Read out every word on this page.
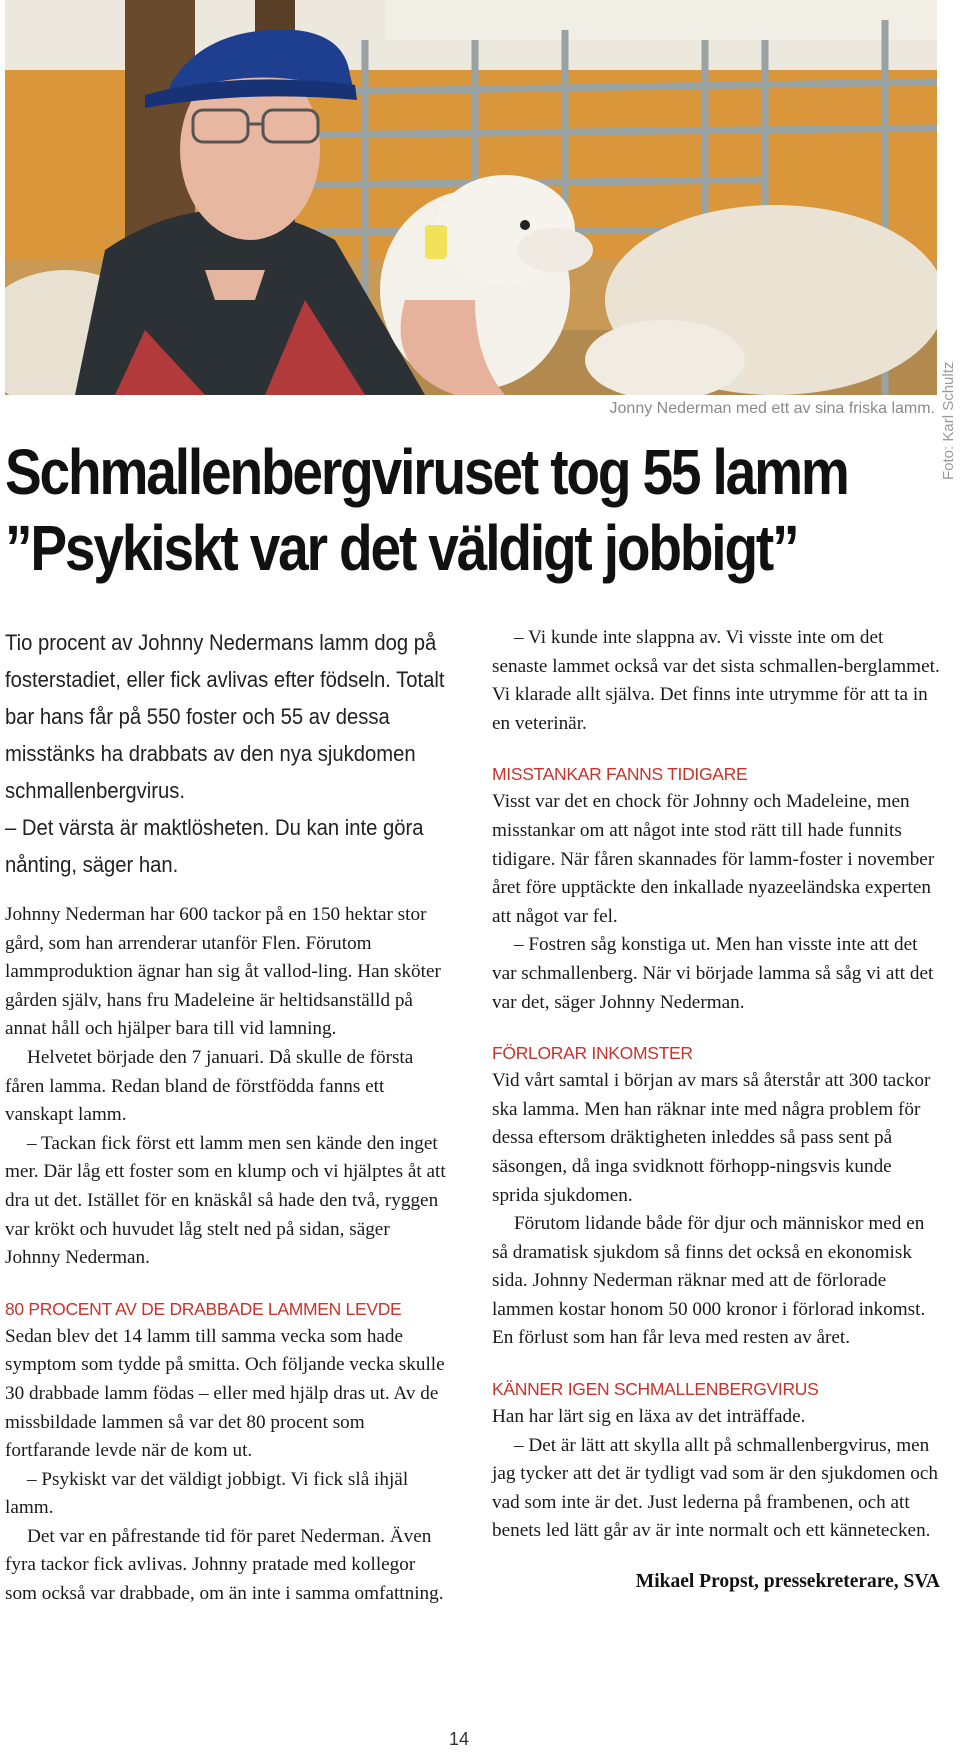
Foto: Karl Schultz
Jonny Nederman med ett av sina friska lamm.
Schmallenbergviruset tog 55 lamm
”Psykiskt var det väldigt jobbigt”

Tio procent av Johnny Nedermans lamm dog på fosterstadiet, eller fick avlivas efter födseln. Totalt bar hans får på 550 foster och 55 av dessa misstänks ha drabbats av den nya sjukdomen schmallenbergvirus.

– Det värsta är maktlösheten. Du kan inte göra nånting, säger han.

Johnny Nederman har 600 tackor på en 150 hektar stor gård, som han arrenderar utanför Flen. Förutom lammproduktion ägnar han sig åt vallod-ling. Han sköter gården själv, hans fru Madeleine är heltidsanställd på annat håll och hjälper bara till vid lamning.

Helvetet började den 7 januari. Då skulle de första fåren lamma. Redan bland de förstfödda fanns ett vanskapt lamm.

– Tackan fick först ett lamm men sen kände den inget mer. Där låg ett foster som en klump och vi hjälptes åt att dra ut det. Istället för en knäskål så hade den två, ryggen var krökt och huvudet låg stelt ned på sidan, säger Johnny Nederman.

80 PROCENT AV DE DRABBADE LAMMEN LEVDE

Sedan blev det 14 lamm till samma vecka som hade symptom som tydde på smitta. Och följande vecka skulle 30 drabbade lamm födas – eller med hjälp dras ut. Av de missbildade lammen så var det 80 procent som fortfarande levde när de kom ut.

– Psykiskt var det väldigt jobbigt. Vi fick slå ihjäl lamm.

Det var en påfrestande tid för paret Nederman. Även fyra tackor fick avlivas. Johnny pratade med kollegor som också var drabbade, om än inte i samma omfattning.

– Vi kunde inte slappna av. Vi visste inte om det senaste lammet också var det sista schmallen-berglammet. Vi klarade allt själva. Det finns inte utrymme för att ta in en veterinär.

MISSTANKAR FANNS TIDIGARE

Visst var det en chock för Johnny och Madeleine, men misstankar om att något inte stod rätt till hade funnits tidigare. När fåren skannades för lamm-foster i november året före upptäckte den inkallade nyazeeländska experten att något var fel.

– Fostren såg konstiga ut. Men han visste inte att det var schmallenberg. När vi började lamma så såg vi att det var det, säger Johnny Nederman.

FÖRLORAR INKOMSTER

Vid vårt samtal i början av mars så återstår att 300 tackor ska lamma. Men han räknar inte med några problem för dessa eftersom dräktigheten inleddes så pass sent på säsongen, då inga svidknott förhopp-ningsvis kunde sprida sjukdomen.

Förutom lidande både för djur och människor med en så dramatisk sjukdom så finns det också en ekonomisk sida. Johnny Nederman räknar med att de förlorade lammen kostar honom 50 000 kronor i förlorad inkomst. En förlust som han får leva med resten av året.

KÄNNER IGEN SCHMALLENBERGVIRUS

Han har lärt sig en läxa av det inträffade.

– Det är lätt att skylla allt på schmallenbergvirus, men jag tycker att det är tydligt vad som är den sjukdomen och vad som inte är det. Just lederna på frambenen, och att benets led lätt går av är inte normalt och ett kännetecken.

Mikael Propst, pressekreterare, SVA

14
